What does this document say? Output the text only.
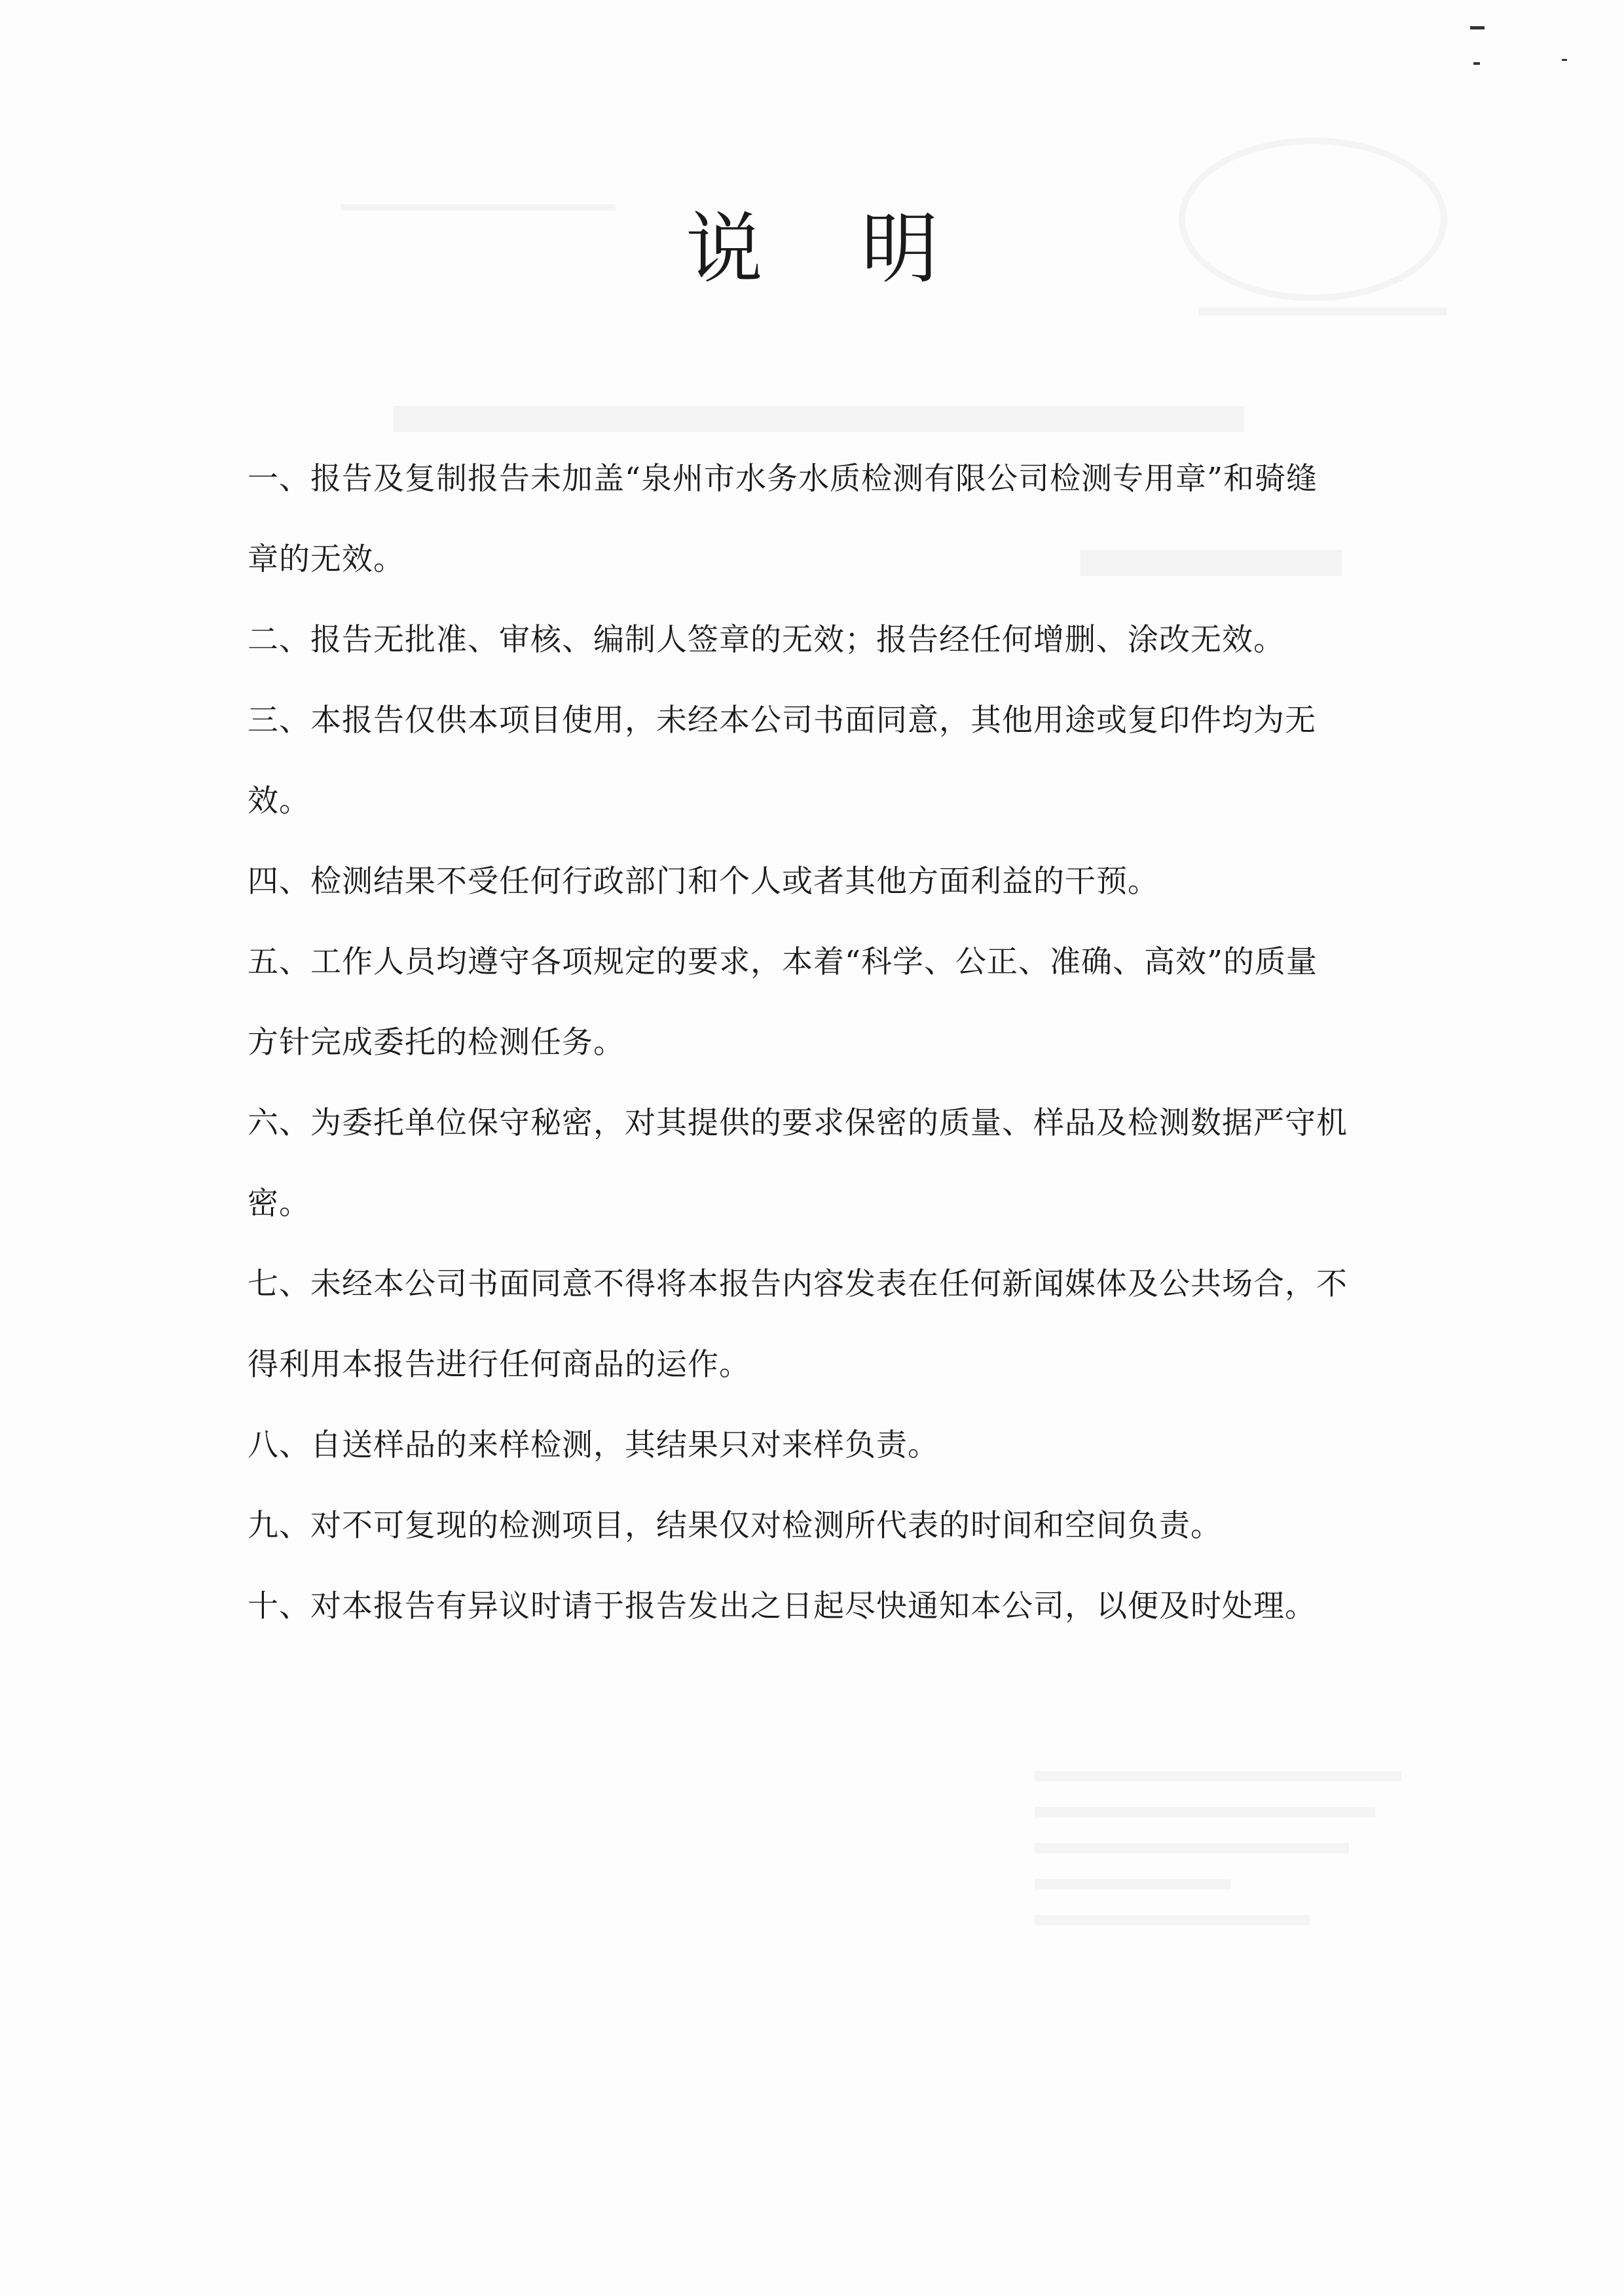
说明
一、报告及复制报告未加盖“泉州市水务水质检测有限公司检测专用章”和骑缝章的无效。
二、报告无批准、审核、编制人签章的无效；报告经任何增删、涂改无效。
三、本报告仅供本项目使用，未经本公司书面同意，其他用途或复印件均为无效。
四、检测结果不受任何行政部门和个人或者其他方面利益的干预。
五、工作人员均遵守各项规定的要求，本着“科学、公正、准确、高效”的质量方针完成委托的检测任务。
六、为委托单位保守秘密，对其提供的要求保密的质量、样品及检测数据严守机密。
七、未经本公司书面同意不得将本报告内容发表在任何新闻媒体及公共场合，不得利用本报告进行任何商品的运作。
八、自送样品的来样检测，其结果只对来样负责。
九、对不可复现的检测项目，结果仅对检测所代表的时间和空间负责。
十、对本报告有异议时请于报告发出之日起尽快通知本公司，以便及时处理。
